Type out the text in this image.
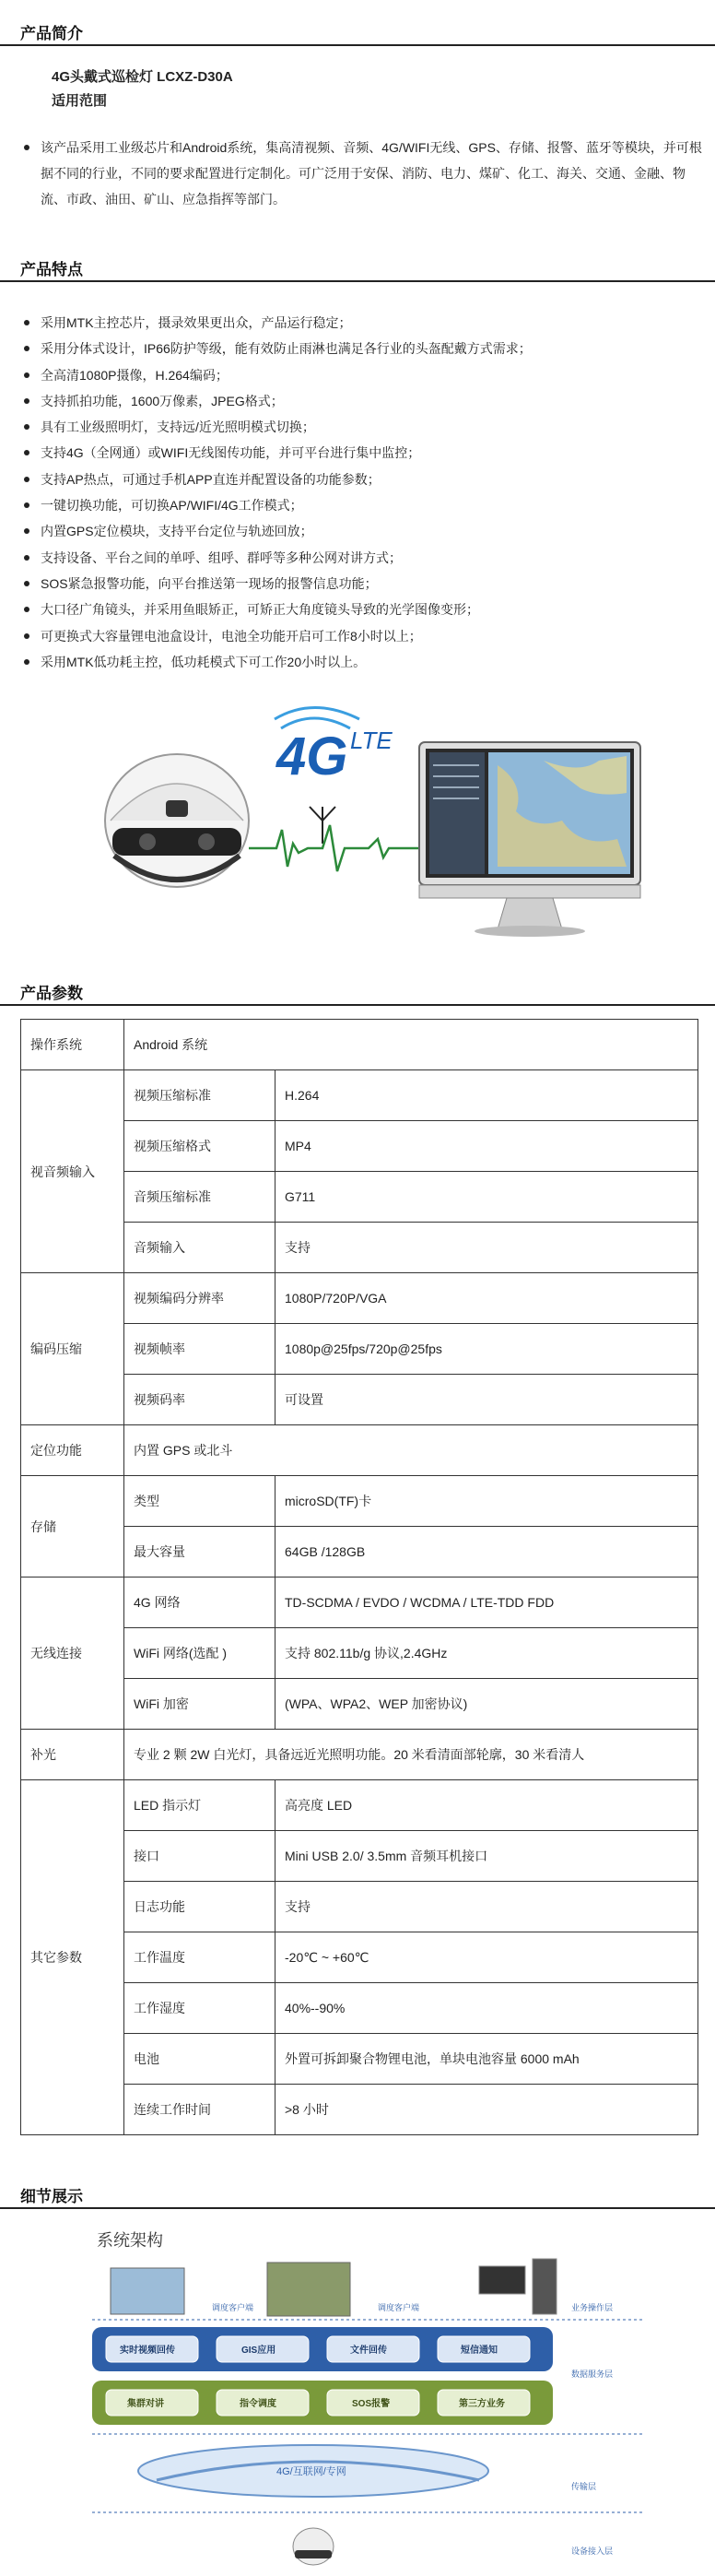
产品简介
4G头戴式巡检灯 LCXZ-D30A
适用范围
该产品采用工业级芯片和Android系统，集高清视频、音频、4G/WIFI无线、GPS、存储、报警、蓝牙等模块，并可根据不同的行业，不同的要求配置进行定制化。可广泛用于安保、消防、电力、煤矿、化工、海关、交通、金融、物流、市政、油田、矿山、应急指挥等部门。
产品特点
采用MTK主控芯片，摄录效果更出众，产品运行稳定；
采用分体式设计，IP66防护等级，能有效防止雨淋也满足各行业的头盔配戴方式需求；
全高清1080P摄像，H.264编码；
支持抓拍功能，1600万像素，JPEG格式；
具有工业级照明灯，支持远/近光照明模式切换；
支持4G（全网通）或WIFI无线图传功能，并可平台进行集中监控；
支持AP热点，可通过手机APP直连并配置设备的功能参数；
一键切换功能，可切换AP/WIFI/4G工作模式；
内置GPS定位模块，支持平台定位与轨迹回放；
支持设备、平台之间的单呼、组呼、群呼等多种公网对讲方式；
SOS紧急报警功能，向平台推送第一现场的报警信息功能；
大口径广角镜头，并采用鱼眼矫正，可矫正大角度镜头导致的光学图像变形；
可更换式大容量锂电池盒设计，电池全功能开启可工作8小时以上；
采用MTK低功耗主控，低功耗模式下可工作20小时以上。
4G LTE
产品参数
操作系统	Android 系统	
视音频输入	视频压缩标准	H.264
	视频压缩格式	MP4
	音频压缩标准	G711
	音频输入	支持
编码压缩	视频编码分辨率	1080P/720P/VGA
	视频帧率	1080p@25fps/720p@25fps
	视频码率	可设置
定位功能	内置 GPS 或北斗	
存储	类型	microSD(TF)卡
	最大容量	64GB /128GB
无线连接	4G 网络	TD-SCDMA / EVDO / WCDMA / LTE-TDD FDD
	WiFi 网络(选配 )	支持 802.11b/g 协议,2.4GHz
	WiFi 加密	(WPA、WPA2、WEP 加密协议)
补光	专业 2 颗 2W 白光灯，具备远近光照明功能。20 米看清面部轮廓，30 米看清人	
其它参数	LED 指示灯	高亮度 LED
	接口	Mini USB 2.0/ 3.5mm 音频耳机接口
	日志功能	支持
	工作温度	-20℃ ~ +60℃
	工作湿度	40%--90%
	电池	外置可拆卸聚合物锂电池，单块电池容量 6000 mAh
	连续工作时间	>8 小时
细节展示
系统架构
调度客户端	调度客户端	业务操作层
实时视频回传	GIS应用	文件回传	短信通知
数据服务层
集群对讲	指令调度	SOS报警	第三方业务
4G/互联网/专网
传输层
设备接入层
